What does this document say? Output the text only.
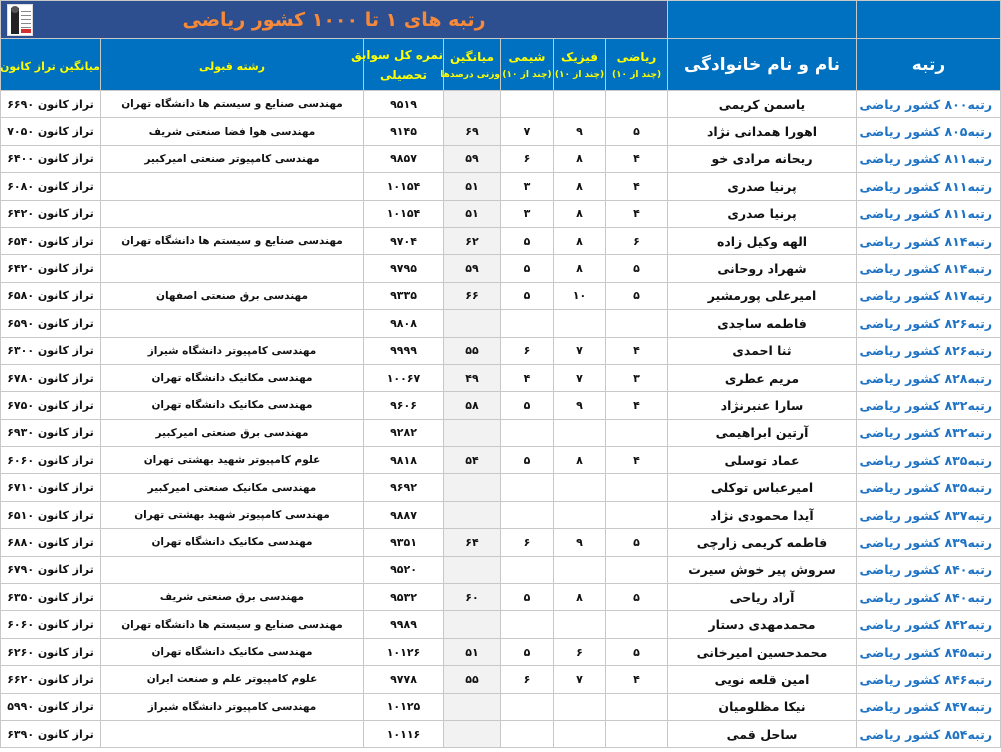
رتبه های ۱ تا ۱۰۰۰ کشور ریاضی								
میانگین تراز کانون	رشته قبولی	نمره کل سوابق
تحصیلی	میانگین
وزنی درصدها	شیمی
(چند از ۱۰)	فیزیک
(چند از ۱۰)	ریاضی
(چند از ۱۰)	نام و نام خانوادگی	رتبه
تراز کانون ۶۶۹۰	مهندسی صنایع و سیستم ها دانشگاه تهران	۹۵۱۹					یاسمن کریمی	رتبه۸۰۰ کشور ریاضی
تراز کانون ۷۰۵۰	مهندسی هوا فضا صنعتی شریف	۹۱۴۵	۶۹	۷	۹	۵	اهورا همدانی نژاد	رتبه۸۰۵ کشور ریاضی
تراز کانون ۶۴۰۰	مهندسی کامپیوتر صنعتی امیرکبیر	۹۸۵۷	۵۹	۶	۸	۴	ریحانه مرادی خو	رتبه۸۱۱ کشور ریاضی
تراز کانون ۶۰۸۰		۱۰۱۵۴	۵۱	۳	۸	۴	پرنیا صدری	رتبه۸۱۱ کشور ریاضی
تراز کانون ۶۴۲۰		۱۰۱۵۴	۵۱	۳	۸	۴	پرنیا صدری	رتبه۸۱۱ کشور ریاضی
تراز کانون ۶۵۴۰	مهندسی صنایع و سیستم ها دانشگاه تهران	۹۷۰۴	۶۲	۵	۸	۶	الهه وکیل زاده	رتبه۸۱۴ کشور ریاضی
تراز کانون ۶۴۲۰		۹۷۹۵	۵۹	۵	۸	۵	شهراد روحانی	رتبه۸۱۴ کشور ریاضی
تراز کانون ۶۵۸۰	مهندسی برق صنعتی اصفهان	۹۳۳۵	۶۶	۵	۱۰	۵	امیرعلی پورمشیر	رتبه۸۱۷ کشور ریاضی
تراز کانون ۶۵۹۰		۹۸۰۸					فاطمه ساجدی	رتبه۸۲۶ کشور ریاضی
تراز کانون ۶۳۰۰	مهندسی کامپیوتر دانشگاه شیراز	۹۹۹۹	۵۵	۶	۷	۴	ثنا احمدی	رتبه۸۲۶ کشور ریاضی
تراز کانون ۶۷۸۰	مهندسی مکانیک دانشگاه تهران	۱۰۰۶۷	۴۹	۴	۷	۳	مریم عطری	رتبه۸۲۸ کشور ریاضی
تراز کانون ۶۷۵۰	مهندسی مکانیک دانشگاه تهران	۹۶۰۶	۵۸	۵	۹	۴	سارا عنبرنژاد	رتبه۸۳۲ کشور ریاضی
تراز کانون ۶۹۳۰	مهندسی برق صنعتی امیرکبیر	۹۲۸۲					آرتین ابراهیمی	رتبه۸۳۲ کشور ریاضی
تراز کانون ۶۰۶۰	علوم کامپیوتر شهید بهشتی تهران	۹۸۱۸	۵۴	۵	۸	۴	عماد توسلی	رتبه۸۳۵ کشور ریاضی
تراز کانون ۶۷۱۰	مهندسی مکانیک صنعتی امیرکبیر	۹۶۹۲					امیرعباس توکلی	رتبه۸۳۵ کشور ریاضی
تراز کانون ۶۵۱۰	مهندسی کامپیوتر شهید بهشتی تهران	۹۸۸۷					آیدا محمودی نژاد	رتبه۸۳۷ کشور ریاضی
تراز کانون ۶۸۸۰	مهندسی مکانیک دانشگاه تهران	۹۳۵۱	۶۴	۶	۹	۵	فاطمه کریمی زارچی	رتبه۸۳۹ کشور ریاضی
تراز کانون ۶۷۹۰		۹۵۲۰					سروش پیر خوش سیرت	رتبه۸۴۰ کشور ریاضی
تراز کانون ۶۳۵۰	مهندسی برق صنعتی شریف	۹۵۳۲	۶۰	۵	۸	۵	آراد ریاحی	رتبه۸۴۰ کشور ریاضی
تراز کانون ۶۰۶۰	مهندسی صنایع و سیستم ها دانشگاه تهران	۹۹۸۹					محمدمهدی دستار	رتبه۸۴۲ کشور ریاضی
تراز کانون ۶۲۶۰	مهندسی مکانیک دانشگاه تهران	۱۰۱۲۶	۵۱	۵	۶	۵	محمدحسین امیرخانی	رتبه۸۴۵ کشور ریاضی
تراز کانون ۶۶۲۰	علوم کامپیوتر علم و صنعت ایران	۹۷۷۸	۵۵	۶	۷	۴	امین قلعه نویی	رتبه۸۴۶ کشور ریاضی
تراز کانون ۵۹۹۰	مهندسی کامپیوتر دانشگاه شیراز	۱۰۱۲۵					نیکا مظلومیان	رتبه۸۴۷ کشور ریاضی
تراز کانون ۶۳۹۰		۱۰۱۱۶					ساحل قمی	رتبه۸۵۴ کشور ریاضی
